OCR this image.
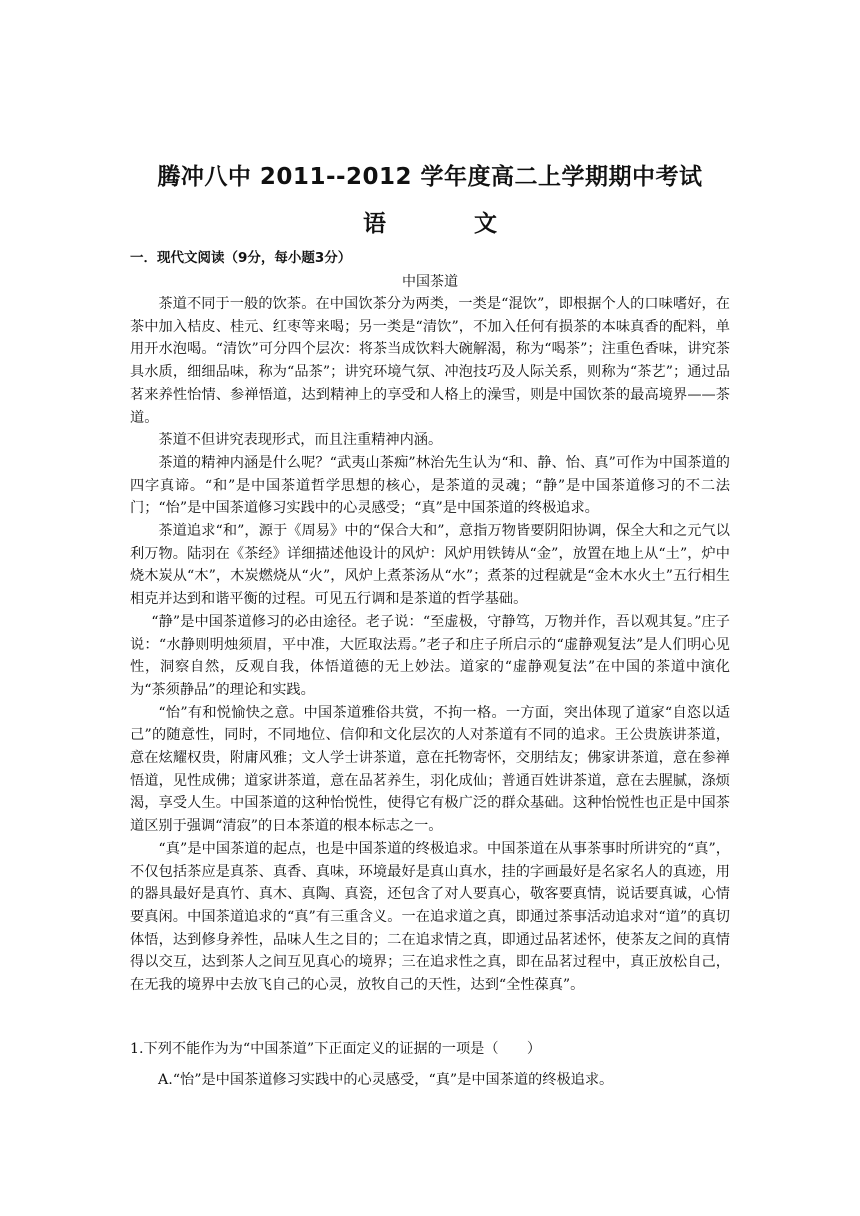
腾冲八中 2011--2012 学年度高二上学期期中考试
语	文
一．现代文阅读（9分，每小题3分）
中国茶道

茶道不同于一般的饮茶。在中国饮茶分为两类，一类是“混饮”，即根据个人的口味嗜好，在茶中加入桔皮、桂元、红枣等来喝；另一类是“清饮”，不加入任何有损茶的本味真香的配料，单用开水泡喝。“清饮”可分四个层次：将茶当成饮料大碗解渴，称为“喝茶”；注重色香味，讲究茶具水质，细细品味，称为“品茶”；讲究环境气氛、冲泡技巧及人际关系，则称为“茶艺”；通过品茗来养性怡情、参禅悟道，达到精神上的享受和人格上的澡雪，则是中国饮茶的最高境界——茶道。

茶道不但讲究表现形式，而且注重精神内涵。

茶道的精神内涵是什么呢？“武夷山茶痴”林治先生认为“和、静、怡、真”可作为中国茶道的四字真谛。“和”是中国茶道哲学思想的核心，是茶道的灵魂；“静”是中国茶道修习的不二法门；“怡”是中国茶道修习实践中的心灵感受；“真”是中国茶道的终极追求。

茶道追求“和”，源于《周易》中的“保合大和”，意指万物皆要阴阳协调，保全大和之元气以利万物。陆羽在《茶经》详细描述他设计的风炉：风炉用铁铸从“金”，放置在地上从“土”，炉中烧木炭从“木”，木炭燃烧从“火”，风炉上煮茶汤从“水”；煮茶的过程就是“金木水火土”五行相生相克并达到和谐平衡的过程。可见五行调和是茶道的哲学基础。

“静”是中国茶道修习的必由途径。老子说：“至虚极，守静笃，万物并作，吾以观其复。”庄子说：“水静则明烛须眉，平中准，大匠取法焉。”老子和庄子所启示的“虚静观复法”是人们明心见性，洞察自然，反观自我，体悟道德的无上妙法。道家的“虚静观复法”在中国的茶道中演化为“茶须静品”的理论和实践。

“怡”有和悦愉快之意。中国茶道雅俗共赏，不拘一格。一方面，突出体现了道家“自恣以适己”的随意性，同时，不同地位、信仰和文化层次的人对茶道有不同的追求。王公贵族讲茶道，意在炫耀权贵，附庸风雅；文人学士讲茶道，意在托物寄怀，交朋结友；佛家讲茶道，意在参禅悟道，见性成佛；道家讲茶道，意在品茗养生，羽化成仙；普通百姓讲茶道，意在去腥腻，涤烦渴，享受人生。中国茶道的这种怡悦性，使得它有极广泛的群众基础。这种怡悦性也正是中国茶道区别于强调“清寂”的日本茶道的根本标志之一。

“真”是中国茶道的起点，也是中国茶道的终极追求。中国茶道在从事茶事时所讲究的“真”，不仅包括茶应是真茶、真香、真味，环境最好是真山真水，挂的字画最好是名家名人的真迹，用的器具最好是真竹、真木、真陶、真瓷，还包含了对人要真心，敬客要真情，说话要真诚，心情要真闲。中国茶道追求的“真”有三重含义。一在追求道之真，即通过茶事活动追求对“道”的真切体悟，达到修身养性，品味人生之目的；二在追求情之真，即通过品茗述怀，使茶友之间的真情得以交互，达到茶人之间互见真心的境界；三在追求性之真，即在品茗过程中，真正放松自己，在无我的境界中去放飞自己的心灵，放牧自己的天性，达到“全性葆真”。

1.下列不能作为为“中国茶道”下正面定义的证据的一项是（　　）
A.“怡”是中国茶道修习实践中的心灵感受，“真”是中国茶道的终极追求。
